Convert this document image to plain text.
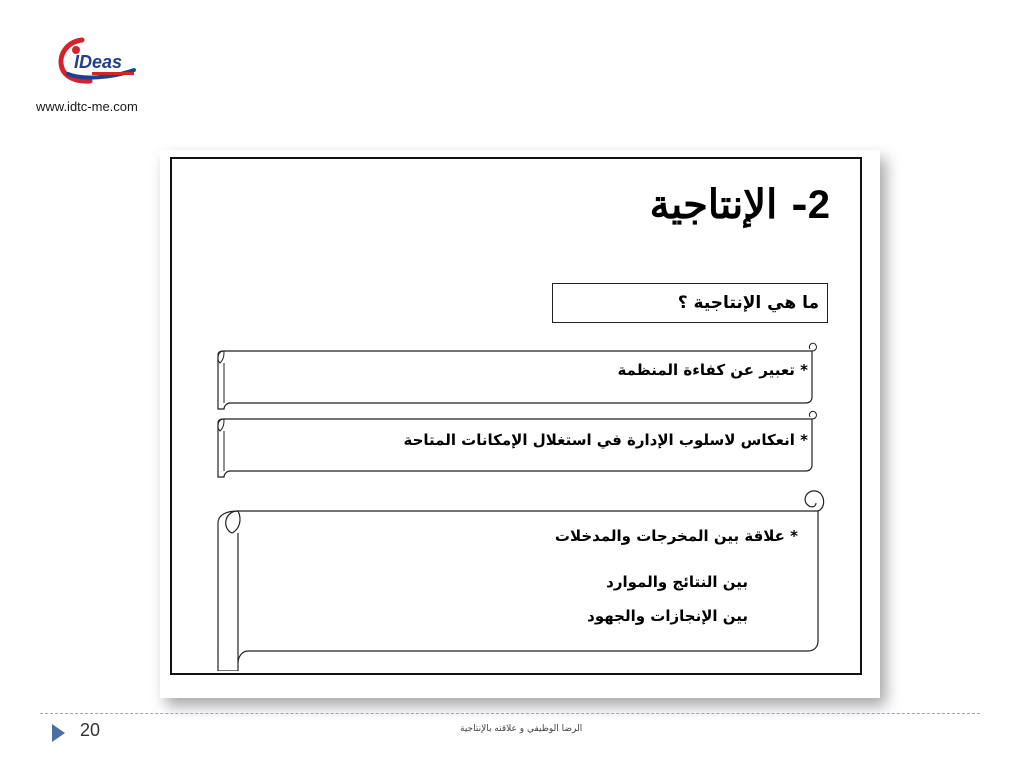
IDeas
www.idtc-me.com
2- الإنتاجية
ما هي الإنتاجية ؟
* تعبير عن كفاءة المنظمة
* انعكاس لاسلوب الإدارة في استغلال الإمكانات المتاحة
* علاقة بين المخرجات والمدخلات
بين النتائج والموارد
بين الإنجازات والجهود
20	الرضا الوظيفي و علاقته بالإنتاجية
